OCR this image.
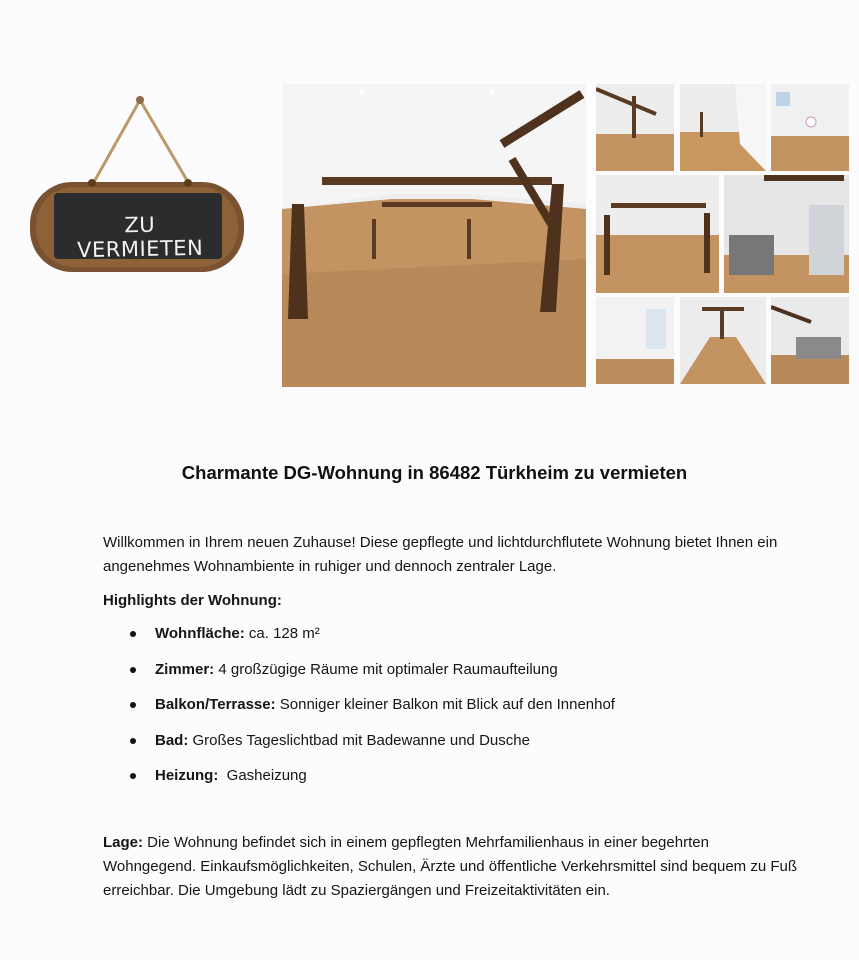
ZU VERMIETEN
Charmante DG-Wohnung in 86482 Türkheim zu vermieten
Willkommen in Ihrem neuen Zuhause! Diese gepflegte und lichtdurchflutete Wohnung bietet Ihnen ein angenehmes Wohnambiente in ruhiger und dennoch zentraler Lage.
Highlights der Wohnung:
Wohnfläche: ca. 128 m²
Zimmer: 4 großzügige Räume mit optimaler Raumaufteilung
Balkon/Terrasse: Sonniger kleiner Balkon mit Blick auf den Innenhof
Bad: Großes Tageslichtbad mit Badewanne und Dusche
Heizung:  Gasheizung
Lage: Die Wohnung befindet sich in einem gepflegten Mehrfamilienhaus in einer begehrten Wohngegend. Einkaufsmöglichkeiten, Schulen, Ärzte und öffentliche Verkehrsmittel sind bequem zu Fuß erreichbar. Die Umgebung lädt zu Spaziergängen und Freizeitaktivitäten ein.
